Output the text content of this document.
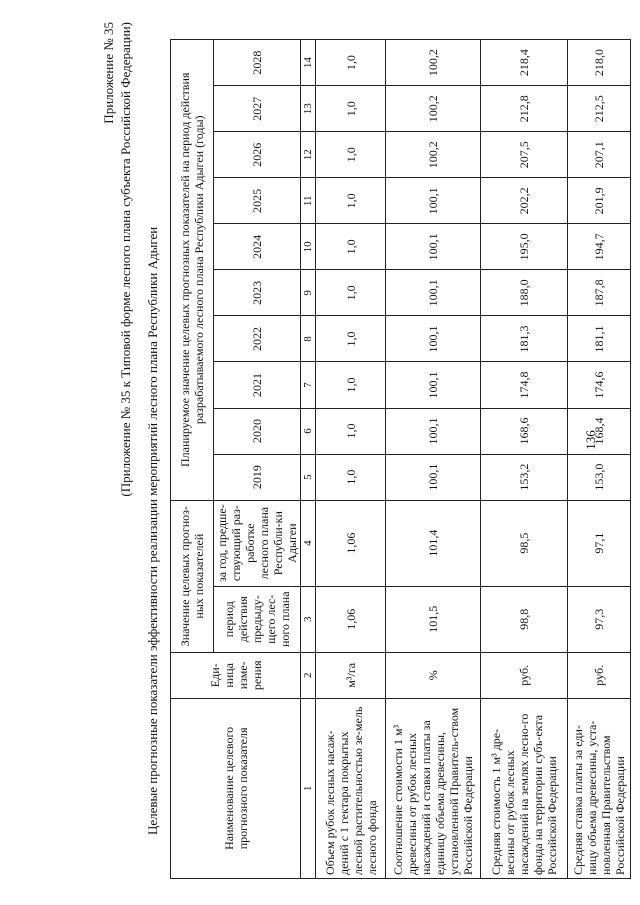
Приложение № 35 (Приложение № 35 к Типовой форме лесного плана субъекта Российской Федерации) Целевые прогнозные показатели эффективности реализации мероприятий лесного плана Республики Адыгеи	Наименование целевого прогнозного показателя	Еди-ница изме-рения	Значение целевых прогноз-ных показателей		Планируемое значение целевых прогнозных показателей на период действия разрабатываемого лесного плана Республики Адыгеи (годы)									
		период действия предыду-щего лес-ного плана	за год, предше-ствующий раз-работке лесного плана Республи-ки Адыгеи	2019	2020	2021	2022	2023	2024	2025	2026	2027	2028
1	2	3	4	5	6	7	8	9	10	11	12	13	14
Объем рубок лесных насаж-дений с 1 гектара покрытых лесной растительностью зе-мель лесного фонда	м³/га	1,06	1,06	1,0	1,0	1,0	1,0	1,0	1,0	1,0	1,0	1,0	1,0
Соотношение стоимости 1 м³ древесины от рубок лесных насаждений и ставки платы за единицу объема древесины, установленной Правитель-ством Российской Федерации	%	101,5	101,4	100,1	100,1	100,1	100,1	100,1	100,1	100,1	100,2	100,2	100,2
Средняя стоимость 1 м³ дре-весины от рубок лесных насаждений на землях лесно-го фонда на территории субъ-екта Российской Федерации	руб.	98,8	98,5	153,2	168,6	174,8	181,3	188,0	195,0	202,2	207,5	212,8	218,4
Средняя ставка платы за еди-ницу объема древесины, уста-новленная Правительством Российской Федерации	руб.	97,3	97,1	153,0	168,4	174,6	181,1	187,8	194,7	201,9	207,1	212,5	218,0
136
